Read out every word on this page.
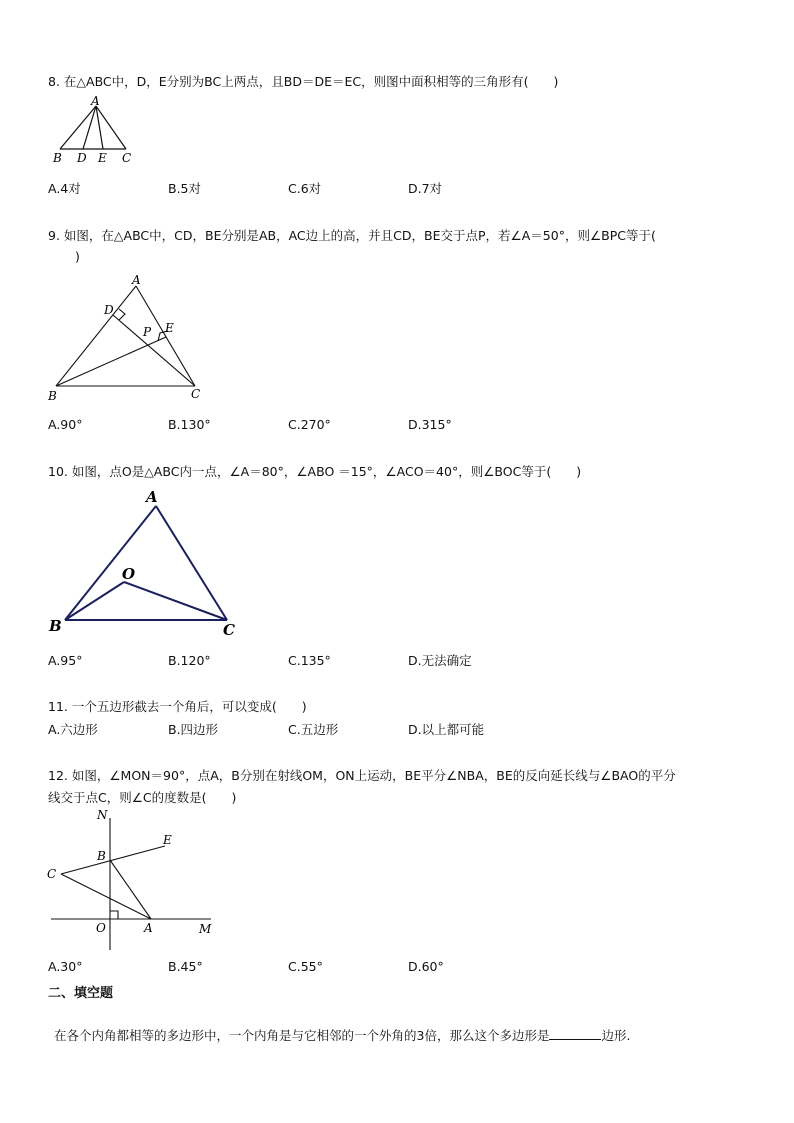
8. 在△ABC中，D，E分别为BC上两点，且BD＝DE＝EC，则图中面积相等的三角形有(　　)
A
B D E C
A.4对	B.5对	C.6对	D.7对
9. 如图，在△ABC中，CD，BE分别是AB，AC边上的高，并且CD，BE交于点P，若∠A＝50°，则∠BPC等于(
)
A
D
P E
B	C
A.90°	B.130°	C.270°	D.315°
10. 如图，点O是△ABC内一点，∠A＝80°，∠ABO ＝15°，∠ACO＝40°，则∠BOC等于(　　)
A
O
B	C
A.95°	B.120°	C.135°	D.无法确定
11. 一个五边形截去一个角后，可以变成(　　)
A.六边形	B.四边形	C.五边形	D.以上都可能
12. 如图，∠MON＝90°，点A，B分别在射线OM，ON上运动，BE平分∠NBA，BE的反向延长线与∠BAO的平分
线交于点C，则∠C的度数是(　　)
N
E
B
C
O	A	M
A.30°	B.45°	C.55°	D.60°
二、填空题
在各个内角都相等的多边形中，一个内角是与它相邻的一个外角的3倍，那么这个多边形是	边形.
